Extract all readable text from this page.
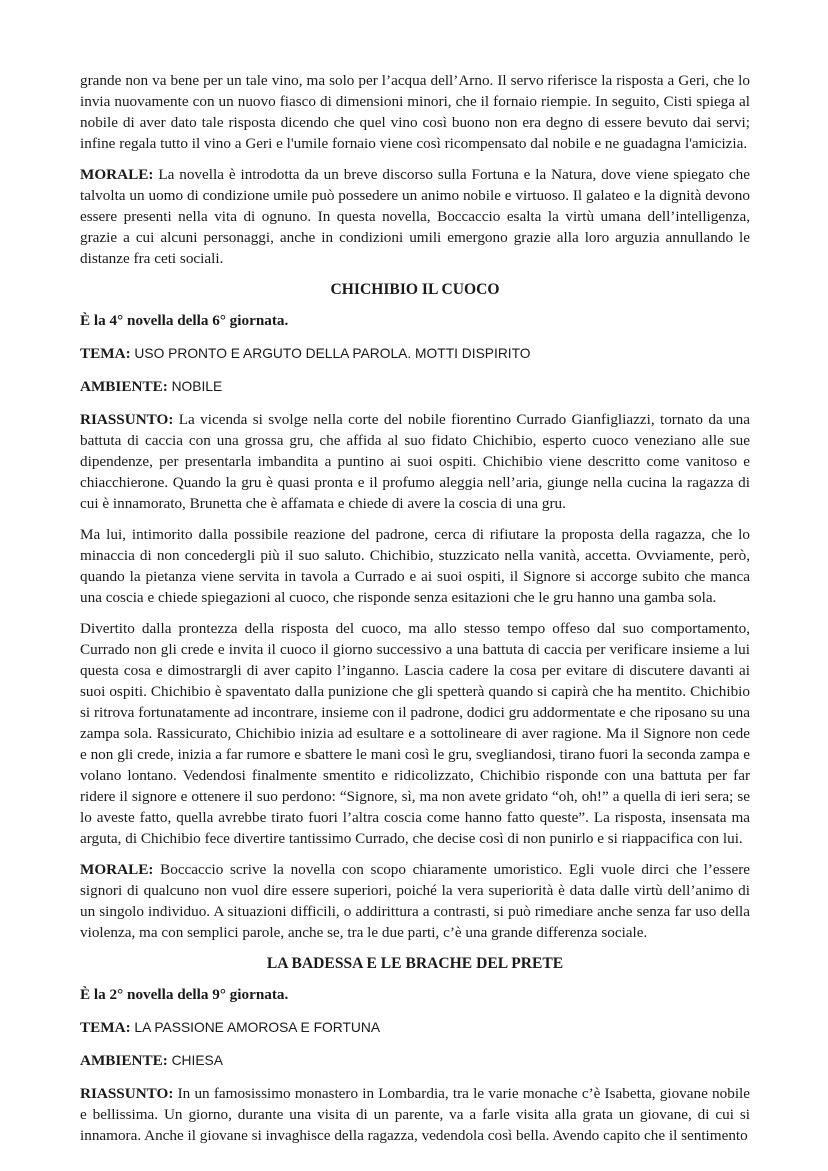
grande non va bene per un tale vino, ma solo per l’acqua dell’Arno. Il servo riferisce la risposta a Geri, che lo invia nuovamente con un nuovo fiasco di dimensioni minori, che il fornaio riempie. In seguito, Cisti spiega al nobile di aver dato tale risposta dicendo che quel vino così buono non era degno di essere bevuto dai servi; infine regala tutto il vino a Geri e l'umile fornaio viene così ricompensato dal nobile e ne guadagna l'amicizia.

MORALE: La novella è introdotta da un breve discorso sulla Fortuna e la Natura, dove viene spiegato che talvolta un uomo di condizione umile può possedere un animo nobile e virtuoso. Il galateo e la dignità devono essere presenti nella vita di ognuno. In questa novella, Boccaccio esalta la virtù umana dell’intelligenza, grazie a cui alcuni personaggi, anche in condizioni umili emergono grazie alla loro arguzia annullando le distanze fra ceti sociali.

CHICHIBIO IL CUOCO
È la 4° novella della 6° giornata.
TEMA: USO PRONTO E ARGUTO DELLA PAROLA. MOTTI DISPIRITO
AMBIENTE: NOBILE

RIASSUNTO: La vicenda si svolge nella corte del nobile fiorentino Currado Gianfigliazzi, tornato da una battuta di caccia con una grossa gru, che affida al suo fidato Chichibio, esperto cuoco veneziano alle sue dipendenze, per presentarla imbandita a puntino ai suoi ospiti. Chichibio viene descritto come vanitoso e chiacchierone. Quando la gru è quasi pronta e il profumo aleggia nell’aria, giunge nella cucina la ragazza di cui è innamorato, Brunetta che è affamata e chiede di avere la coscia di una gru.

Ma lui, intimorito dalla possibile reazione del padrone, cerca di rifiutare la proposta della ragazza, che lo minaccia di non concedergli più il suo saluto. Chichibio, stuzzicato nella vanità, accetta. Ovviamente, però, quando la pietanza viene servita in tavola a Currado e ai suoi ospiti, il Signore si accorge subito che manca una coscia e chiede spiegazioni al cuoco, che risponde senza esitazioni che le gru hanno una gamba sola.

Divertito dalla prontezza della risposta del cuoco, ma allo stesso tempo offeso dal suo comportamento, Currado non gli crede e invita il cuoco il giorno successivo a una battuta di caccia per verificare insieme a lui questa cosa e dimostrargli di aver capito l’inganno. Lascia cadere la cosa per evitare di discutere davanti ai suoi ospiti. Chichibio è spaventato dalla punizione che gli spetterà quando si capirà che ha mentito. Chichibio si ritrova fortunatamente ad incontrare, insieme con il padrone, dodici gru addormentate e che riposano su una zampa sola. Rassicurato, Chichibio inizia ad esultare e a sottolineare di aver ragione. Ma il Signore non cede e non gli crede, inizia a far rumore e sbattere le mani così le gru, svegliandosi, tirano fuori la seconda zampa e volano lontano. Vedendosi finalmente smentito e ridicolizzato, Chichibio risponde con una battuta per far ridere il signore e ottenere il suo perdono: “Signore, sì, ma non avete gridato “oh, oh!” a quella di ieri sera; se lo aveste fatto, quella avrebbe tirato fuori l’altra coscia come hanno fatto queste”. La risposta, insensata ma arguta, di Chichibio fece divertire tantissimo Currado, che decise così di non punirlo e si riappacifica con lui.

MORALE: Boccaccio scrive la novella con scopo chiaramente umoristico. Egli vuole dirci che l’essere signori di qualcuno non vuol dire essere superiori, poiché la vera superiorità è data dalle virtù dell’animo di un singolo individuo. A situazioni difficili, o addirittura a contrasti, si può rimediare anche senza far uso della violenza, ma con semplici parole, anche se, tra le due parti, c’è una grande differenza sociale.

LA BADESSA E LE BRACHE DEL PRETE
È la 2° novella della 9° giornata.
TEMA: LA PASSIONE AMOROSA E FORTUNA
AMBIENTE: CHIESA

RIASSUNTO: In un famosissimo monastero in Lombardia, tra le varie monache c’è Isabetta, giovane nobile e bellissima. Un giorno, durante una visita di un parente, va a farle visita alla grata un giovane, di cui si innamora. Anche il giovane si invaghisce della ragazza, vedendola così bella. Avendo capito che il sentimento
